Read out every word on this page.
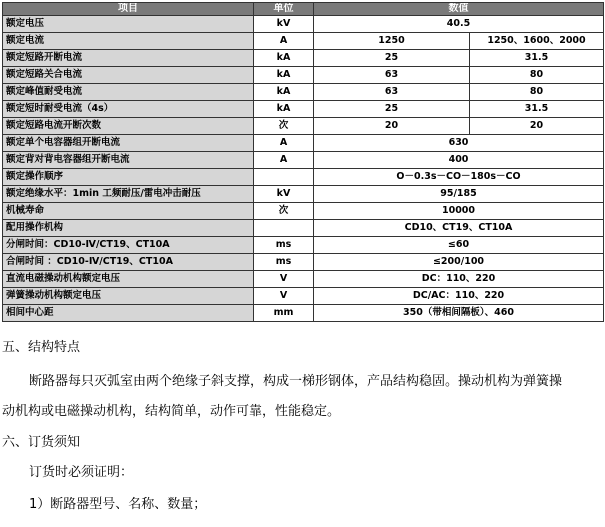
项目	单位	数值	
额定电压	kV	40.5	
额定电流	A	1250	1250、1600、2000
额定短路开断电流	kA	25	31.5
额定短路关合电流	kA	63	80
额定峰值耐受电流	kA	63	80
额定短时耐受电流（4s）	kA	25	31.5
额定短路电流开断次数	次	20	20
额定单个电容器组开断电流	A	630	
额定背对背电容器组开断电流	A	400	
额定操作顺序		O－0.3s－CO－180s－CO	
额定绝缘水平：1min 工频耐压/雷电冲击耐压	kV	95/185	
机械寿命	次	10000	
配用操作机构		CD10、CT19、CT10A	
分闸时间：CD10-Ⅳ/CT19、CT10A	ms	≤60	
合闸时间 ：CD10-Ⅳ/CT19、CT10A	ms	≤200/100	
直流电磁操动机构额定电压	V	DC：110、220	
弹簧操动机构额定电压	V	DC/AC：110、220	
相间中心距	mm	350（带相间隔板）、460	
五、结构特点
断路器每只灭弧室由两个绝缘子斜支撑，构成一梯形钢体，产品结构稳固。操动机构为弹簧操
动机构或电磁操动机构，结构简单，动作可靠，性能稳定。
六、订货须知
订货时必须证明：
1）断路器型号、名称、数量；
